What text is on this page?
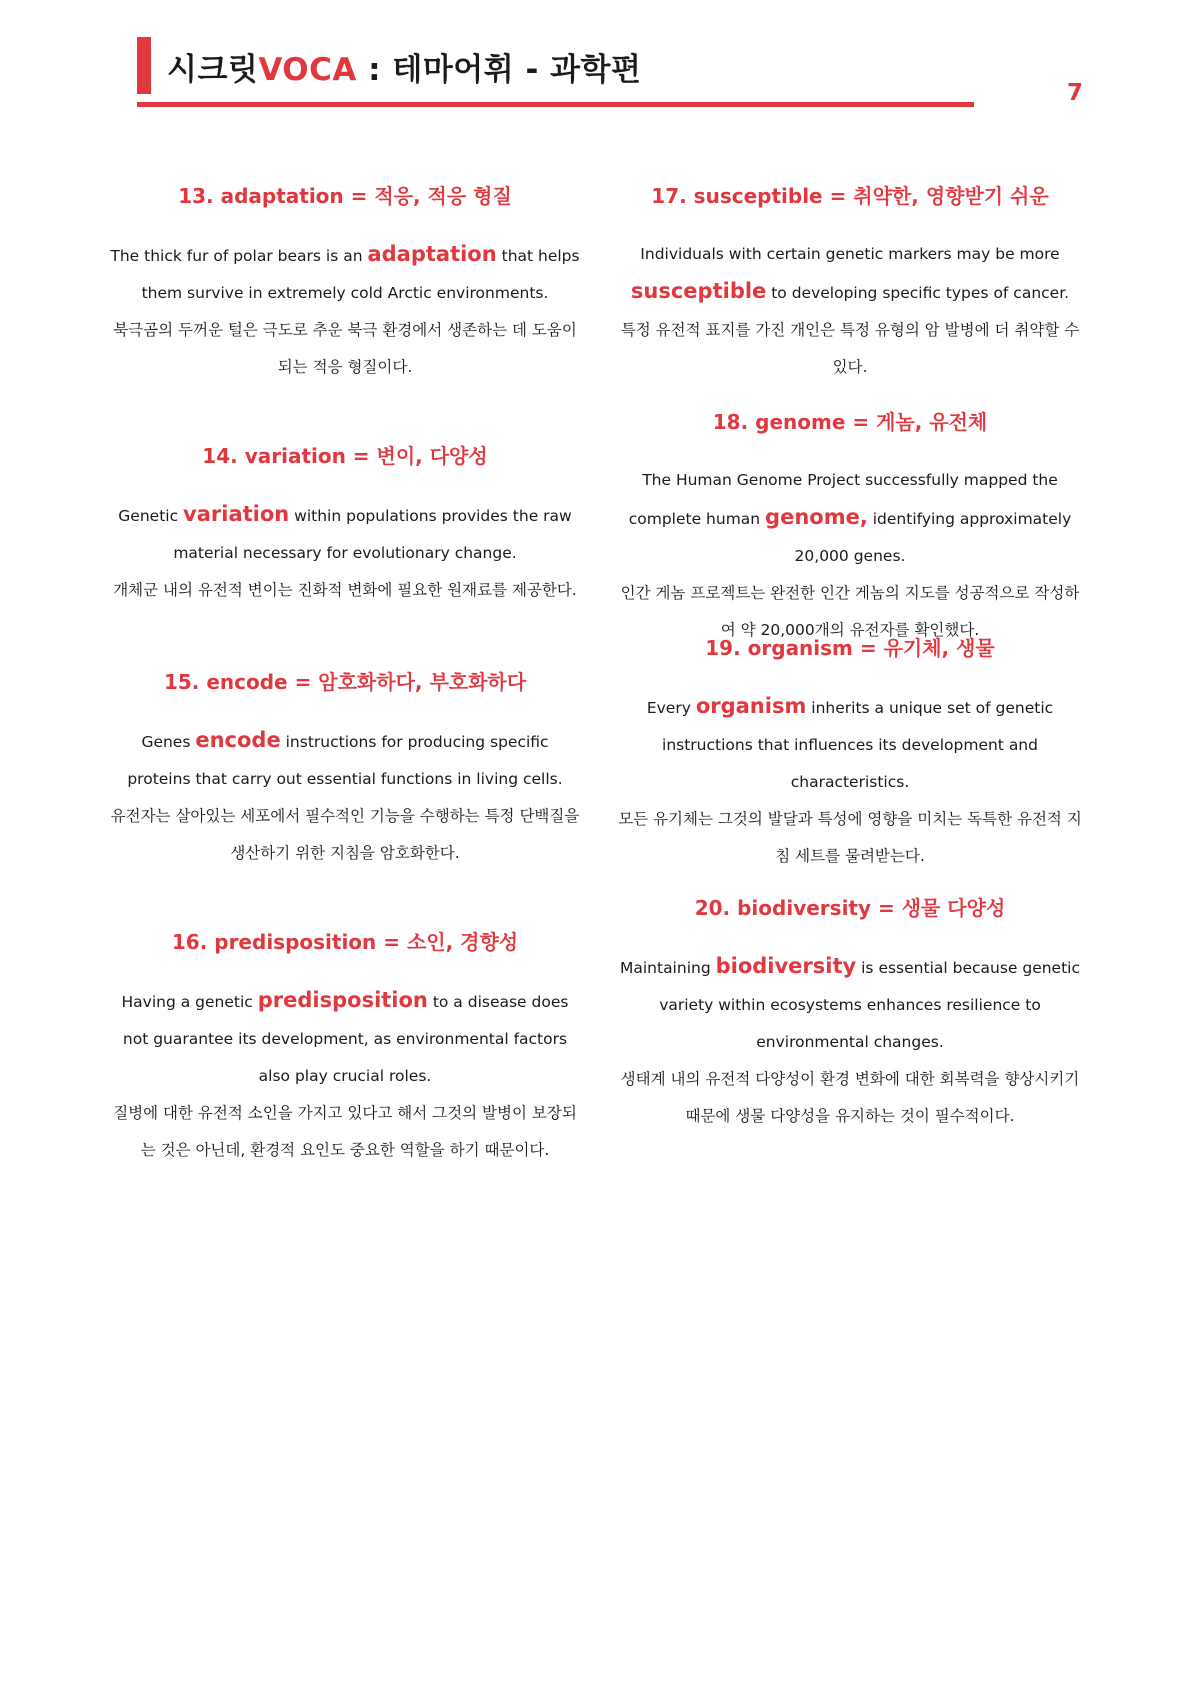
시크릿VOCA : 테마어휘 - 과학편
7
13. adaptation = 적응, 적응 형질

The thick fur of polar bears is an adaptation that helps them survive in extremely cold Arctic environments.

북극곰의 두꺼운 털은 극도로 추운 북극 환경에서 생존하는 데 도움이 되는 적응 형질이다.

14. variation = 변이, 다양성

Genetic variation within populations provides the raw material necessary for evolutionary change.

개체군 내의 유전적 변이는 진화적 변화에 필요한 원재료를 제공한다.

15. encode = 암호화하다, 부호화하다

Genes encode instructions for producing specific proteins that carry out essential functions in living cells.

유전자는 살아있는 세포에서 필수적인 기능을 수행하는 특정 단백질을 생산하기 위한 지침을 암호화한다.

16. predisposition = 소인, 경향성

Having a genetic predisposition to a disease does not guarantee its development, as environmental factors also play crucial roles.

질병에 대한 유전적 소인을 가지고 있다고 해서 그것의 발병이 보장되는 것은 아닌데, 환경적 요인도 중요한 역할을 하기 때문이다.

17. susceptible = 취약한, 영향받기 쉬운

Individuals with certain genetic markers may be more susceptible to developing specific types of cancer.

특정 유전적 표지를 가진 개인은 특정 유형의 암 발병에 더 취약할 수 있다.

18. genome = 게놈, 유전체

The Human Genome Project successfully mapped the complete human genome, identifying approximately 20,000 genes.

인간 게놈 프로젝트는 완전한 인간 게놈의 지도를 성공적으로 작성하여 약 20,000개의 유전자를 확인했다.

19. organism = 유기체, 생물

Every organism inherits a unique set of genetic instructions that influences its development and characteristics.

모든 유기체는 그것의 발달과 특성에 영향을 미치는 독특한 유전적 지침 세트를 물려받는다.

20. biodiversity = 생물 다양성

Maintaining biodiversity is essential because genetic variety within ecosystems enhances resilience to environmental changes.

생태계 내의 유전적 다양성이 환경 변화에 대한 회복력을 향상시키기 때문에 생물 다양성을 유지하는 것이 필수적이다.
